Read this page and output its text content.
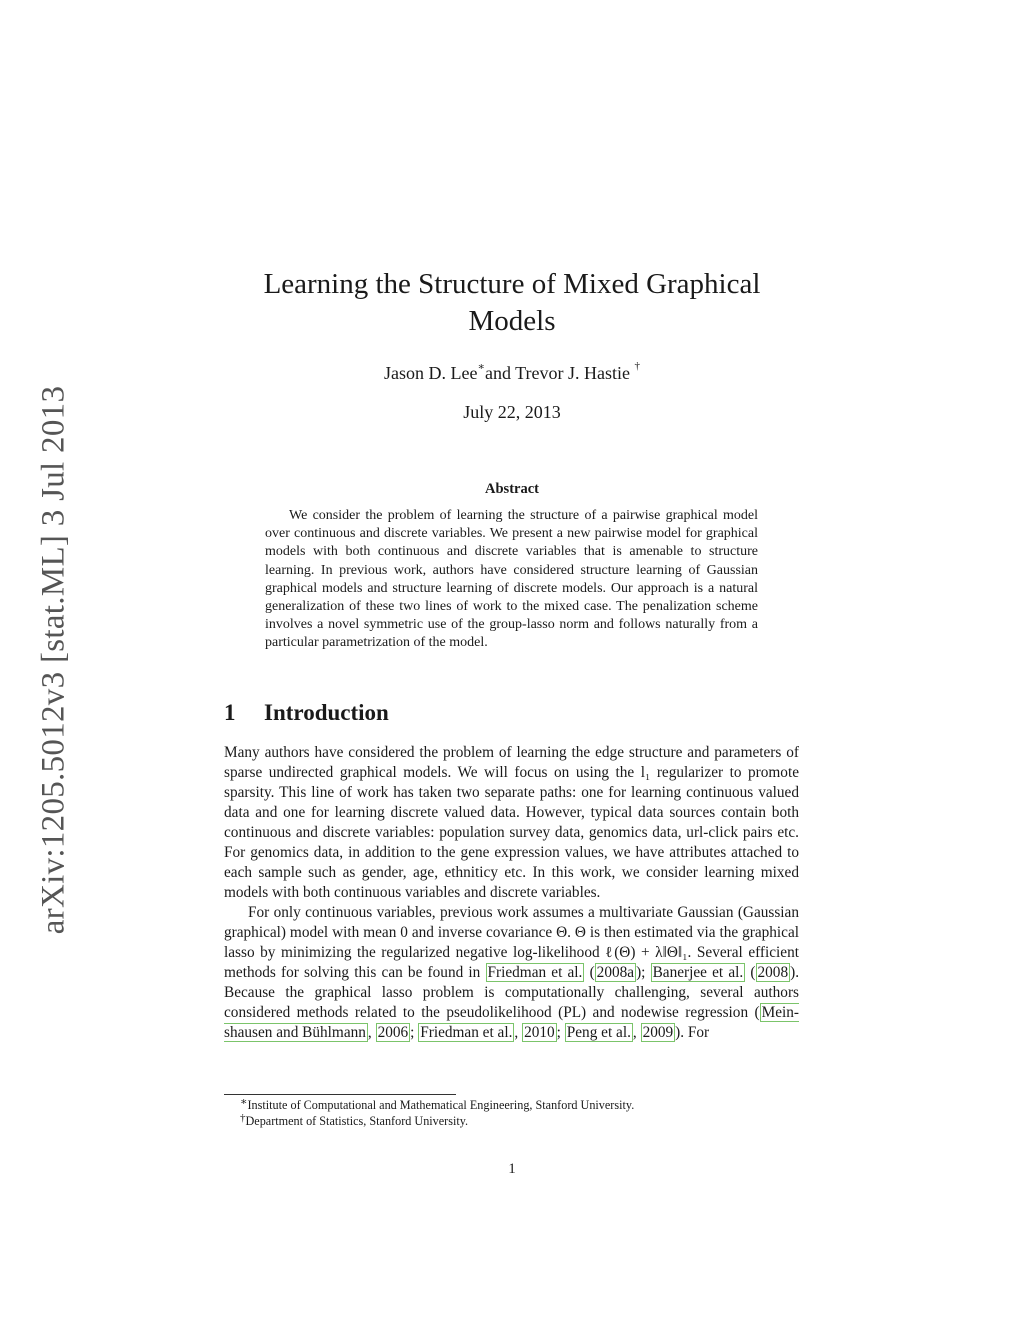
arXiv:1205.5012v3 [stat.ML] 3 Jul 2013
Learning the Structure of Mixed Graphical Models
Jason D. Lee∗and Trevor J. Hastie †
July 22, 2013
Abstract
We consider the problem of learning the structure of a pairwise graphical model over continuous and discrete variables. We present a new pairwise model for graphical models with both continuous and discrete variables that is amenable to structure learning. In previous work, authors have considered structure learning of Gaussian graphical models and structure learning of discrete models. Our approach is a natural generalization of these two lines of work to the mixed case. The penalization scheme involves a novel symmetric use of the group-lasso norm and follows naturally from a particular parametrization of the model.
1 Introduction

Many authors have considered the problem of learning the edge structure and parameters of sparse undirected graphical models. We will focus on using the l₁ regularizer to promote sparsity. This line of work has taken two separate paths: one for learning continuous valued data and one for learning discrete valued data. However, typical data sources contain both continuous and discrete variables: population survey data, genomics data, url-click pairs etc. For genomics data, in addition to the gene expression values, we have attributes attached to each sample such as gender, age, ethniticy etc. In this work, we consider learning mixed models with both continuous variables and discrete variables.

For only continuous variables, previous work assumes a multivariate Gaussian (Gaussian graphical) model with mean 0 and inverse covariance Θ. Θ is then estimated via the graphical lasso by minimizing the regularized negative log-likelihood ℓ(Θ) + λ‖Θ‖₁. Several efficient methods for solving this can be found in Friedman et al. ( 2008a ); Banerjee et al. ( 2008 ). Because the graphical lasso problem is computationally challenging, several authors considered methods related to the pseudolikelihood (PL) and nodewise regression ( Meinshausen and Bühlmann , 2006 ; Friedman et al. , 2010 ; Peng et al. , 2009 ). For

∗Institute of Computational and Mathematical Engineering, Stanford University.
†Department of Statistics, Stanford University.
1
